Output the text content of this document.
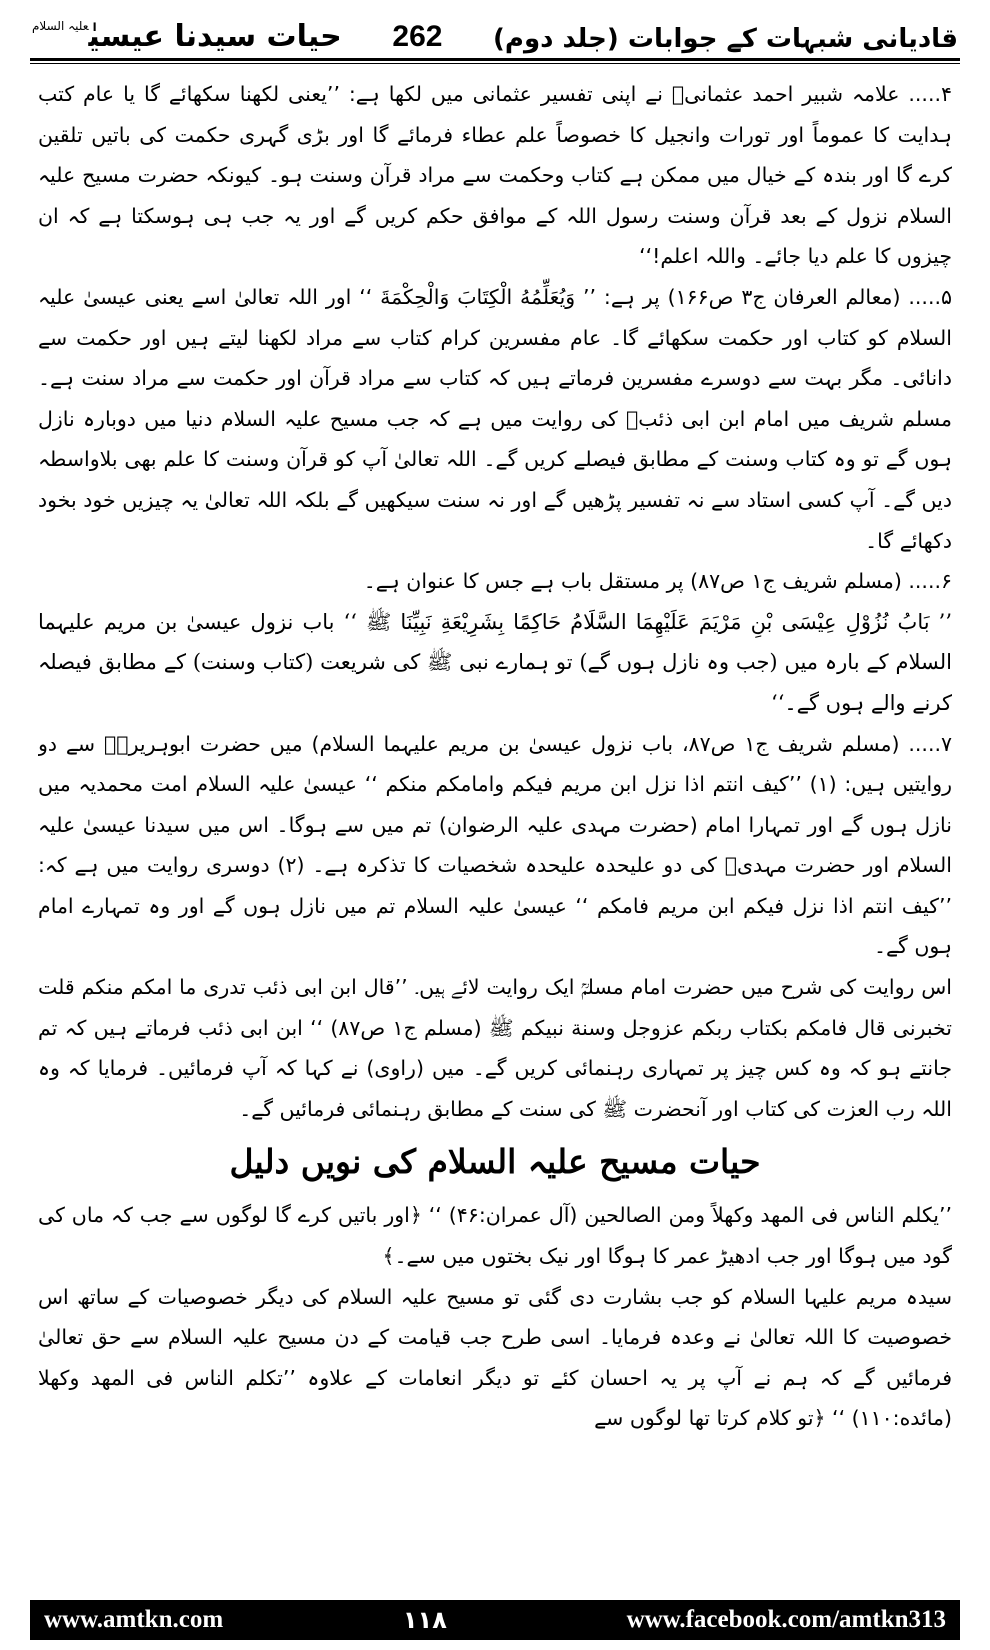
حیات سیدنا عیسیٰ$^{علیہ السلام}$	262 قادیانی شبہات کے جوابات (جلد دوم)

۴..... علامہ شبیر احمد عثمانیؒ نے اپنی تفسیر عثمانی میں لکھا ہے: ’’یعنی لکھنا سکھائے گا یا عام کتب ہدایت کا عموماً اور تورات وانجیل کا خصوصاً علم عطاء فرمائے گا اور بڑی گہری حکمت کی باتیں تلقین کرے گا اور بندہ کے خیال میں ممکن ہے کتاب وحکمت سے مراد قرآن وسنت ہو۔ کیونکہ حضرت مسیح علیہ السلام نزول کے بعد قرآن وسنت رسول اللہ کے موافق حکم کریں گے اور یہ جب ہی ہوسکتا ہے کہ ان چیزوں کا علم دیا جائے۔ واللہ اعلم!‘‘

۵..... (معالم العرفان ج۳ ص۱۶۶) پر ہے: ’’ وَيُعَلِّمُهُ الْكِتَابَ وَالْحِكْمَةَ ‘‘ اور اللہ تعالیٰ اسے یعنی عیسیٰ علیہ السلام کو کتاب اور حکمت سکھائے گا۔ عام مفسرین کرام کتاب سے مراد لکھنا لیتے ہیں اور حکمت سے دانائی۔ مگر بہت سے دوسرے مفسرین فرماتے ہیں کہ کتاب سے مراد قرآن اور حکمت سے مراد سنت ہے۔ مسلم شریف میں امام ابن ابی ذئبؒ کی روایت میں ہے کہ جب مسیح علیہ السلام دنیا میں دوبارہ نازل ہوں گے تو وہ کتاب وسنت کے مطابق فیصلے کریں گے۔ اللہ تعالیٰ آپ کو قرآن وسنت کا علم بھی بلاواسطہ دیں گے۔ آپ کسی استاد سے نہ تفسیر پڑھیں گے اور نہ سنت سیکھیں گے بلکہ اللہ تعالیٰ یہ چیزیں خود بخود دکھائے گا۔

۶..... (مسلم شریف ج۱ ص۸۷) پر مستقل باب ہے جس کا عنوان ہے۔

’’ بَابُ نُزُوْلِ عِيْسَى بْنِ مَرْيَمَ عَلَيْهِمَا السَّلَامُ حَاكِمًا بِشَرِيْعَةِ نَبِيِّنَا ﷺ ‘‘ باب نزول عیسیٰ بن مریم علیہما السلام کے بارہ میں (جب وہ نازل ہوں گے) تو ہمارے نبی ﷺ کی شریعت (کتاب وسنت) کے مطابق فیصلہ کرنے والے ہوں گے۔‘‘

۷..... (مسلم شریف ج۱ ص۸۷، باب نزول عیسیٰ بن مریم علیہما السلام) میں حضرت ابوہریرہؓ سے دو روایتیں ہیں: (۱) ’’كيف انتم اذا نزل ابن مريم فيكم وامامكم منكم ‘‘ عیسیٰ علیہ السلام امت محمدیہ میں نازل ہوں گے اور تمہارا امام (حضرت مہدی علیہ الرضوان) تم میں سے ہوگا۔ اس میں سیدنا عیسیٰ علیہ السلام اور حضرت مہدیؓ کی دو علیحدہ علیحدہ شخصیات کا تذکرہ ہے۔ (۲) دوسری روایت میں ہے کہ: ’’كيف انتم اذا نزل فيكم ابن مريم فامكم ‘‘ عیسیٰ علیہ السلام تم میں نازل ہوں گے اور وہ تمہارے امام ہوں گے۔

اس روایت کی شرح میں حضرت امام مسلمؒ ایک روایت لائے ہیں۔ ’’قال ابن ابى ذئب تدرى ما امكم منكم قلت تخبرنى قال فامكم بكتاب ربكم عزوجل وسنة نبيكم ﷺ (مسلم ج۱ ص۸۷) ‘‘ ابن ابی ذئب فرماتے ہیں کہ تم جانتے ہو کہ وہ کس چیز پر تمہاری رہنمائی کریں گے۔ میں (راوی) نے کہا کہ آپ فرمائیں۔ فرمایا کہ وہ اللہ رب العزت کی کتاب اور آنحضرت ﷺ کی سنت کے مطابق رہنمائی فرمائیں گے۔

حیات مسیح علیہ السلام کی نویں دلیل

’’يكلم الناس فى المهد وكهلاً ومن الصالحين (آل عمران:۴۶) ‘‘ ﴿اور باتیں کرے گا لوگوں سے جب کہ ماں کی گود میں ہوگا اور جب ادھیڑ عمر کا ہوگا اور نیک بختوں میں سے۔﴾

سیدہ مریم علیہا السلام کو جب بشارت دی گئی تو مسیح علیہ السلام کی دیگر خصوصیات کے ساتھ اس خصوصیت کا اللہ تعالیٰ نے وعدہ فرمایا۔ اسی طرح جب قیامت کے دن مسیح علیہ السلام سے حق تعالیٰ فرمائیں گے کہ ہم نے آپ پر یہ احسان کئے تو دیگر انعامات کے علاوہ ’’تكلم الناس فى المهد وكهلا (مائده:۱۱۰) ‘‘ ﴿تو کلام کرتا تھا لوگوں سے

www.amtkn.com	۱۱۸	www.facebook.com/amtkn313
